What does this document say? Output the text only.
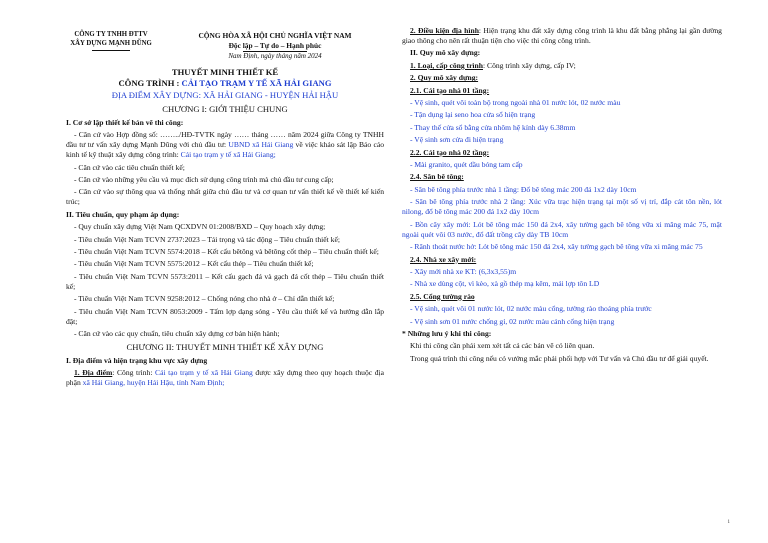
CÔNG TY TNHH ĐTTV
XÂY DỰNG MẠNH DŨNG
CỘNG HÒA XÃ HỘI CHỦ NGHĨA VIỆT NAM
Độc lập – Tự do – Hạnh phúc
Nam Định, ngày tháng năm 2024
THUYẾT MINH THIẾT KẾ
CÔNG TRÌNH : CẢI TẠO TRẠM Y TẾ XÃ HẢI GIANG
ĐỊA ĐIỂM XÂY DỰNG: XÃ HẢI GIANG - HUYỆN HẢI HẬU
CHƯƠNG I: GIỚI THIỆU CHUNG
I. Cơ sở lập thiết kế bản vẽ thi công:
- Căn cứ vào Hợp đồng số: ……../HĐ-TVTK ngày …… tháng …… năm 2024 giữa Công ty TNHH đầu tư tư vấn xây dựng Mạnh Dũng với chủ đầu tư: UBND xã Hải Giang về việc khảo sát lập Báo cáo kinh tế kỹ thuật xây dựng công trình: Cải tạo trạm y tế xã Hải Giang;
- Căn cứ vào các tiêu chuẩn thiết kế;
- Căn cứ vào những yêu cầu và mục đích sử dụng công trình mà chủ đầu tư cung cấp;
- Căn cứ vào sự thông qua và thống nhất giữa chủ đầu tư và cơ quan tư vấn thiết kế về thiết kế kiến trúc;
II. Tiêu chuẩn, quy phạm áp dụng:
- Quy chuẩn xây dựng Việt Nam QCXDVN 01:2008/BXD – Quy hoạch xây dựng;
- Tiêu chuẩn Việt Nam TCVN 2737:2023 – Tải trọng và tác động – Tiêu chuẩn thiết kế;
- Tiêu chuẩn Việt Nam TCVN 5574:2018 – Kết cấu bêtông và bêtông cốt thép – Tiêu chuẩn thiết kế;
- Tiêu chuẩn Việt Nam TCVN 5575:2012 – Kết cấu thép – Tiêu chuẩn thiết kế;
- Tiêu chuẩn Việt Nam TCVN 5573:2011 – Kết cấu gạch đá và gạch đá cốt thép – Tiêu chuẩn thiết kế;
- Tiêu chuẩn Việt Nam TCVN 9258:2012 – Chống nóng cho nhà ở – Chỉ dẫn thiết kế;
- Tiêu chuẩn Việt Nam TCVN 8053:2009 - Tấm lợp dạng sóng - Yêu cầu thiết kế và hướng dẫn lắp đặt;
- Căn cứ vào các quy chuẩn, tiêu chuẩn xây dựng cơ bản hiện hành;
CHƯƠNG II: THUYẾT MINH THIẾT KẾ XÂY DỰNG
I. Địa điểm và hiện trạng khu vực xây dựng
1. Địa điểm: Công trình: Cải tạo trạm y tế xã Hải Giang được xây dựng theo quy hoạch thuộc địa phận xã Hải Giang, huyện Hải Hậu, tỉnh Nam Định;
2. Điều kiện địa hình: Hiện trạng khu đất xây dựng công trình là khu đất bằng phẳng lại gần đường giao thông cho nên rất thuận tiện cho việc thi công công trình.
II. Quy mô xây dựng:
1. Loại, cấp công trình: Công trình xây dựng, cấp IV;
2. Quy mô xây dựng:
2.1. Cải tạo nhà 01 tầng:
- Vệ sinh, quét vôi toàn bộ trong ngoài nhà 01 nước lót, 02 nước màu
- Tận dụng lại seno hoa cửa sổ hiện trạng
- Thay thế cửa sổ bằng cửa nhôm hệ kính dày 6.38mm
- Vệ sinh sơn cửa đi hiện trạng
2.2. Cải tạo nhà 02 tầng:
- Mài granito, quét dầu bóng tam cấp
2.4. Sân bê tông:
- Sân bê tông phía trước nhà 1 tầng: Đổ bê tông mác 200 đá 1x2 dày 10cm
- Sân bê tông phía trước nhà 2 tầng: Xúc vữa trạc hiện trạng tại một số vị trí, đắp cát tôn nền, lót nilong, đổ bê tông mác 200 đá 1x2 dày 10cm
- Bồn cây xây mới: Lót bê tông mác 150 đá 2x4, xây tường gạch bê tông vữa xi măng mác 75, mặt ngoài quét vôi 03 nước, đổ đất trồng cây dày TB 10cm
- Rãnh thoát nước hở: Lót bê tông mác 150 đá 2x4, xây tường gạch bê tông vữa xi măng mác 75
2.4. Nhà xe xây mới:
- Xây mới nhà xe KT: (6,3x3,55)m
- Nhà xe dùng cột, vì kèo, xà gồ thép mạ kẽm, mái lợp tôn LD
2.5. Cổng tường rào
- Vệ sinh, quét vôi 01 nước lót, 02 nước màu cổng, tường rào thoáng phía trước
- Vệ sinh sơn 01 nước chống gỉ, 02 nước màu cánh cổng hiện trạng
* Những lưu ý khi thi công:
Khi thi công cần phải xem xét tất cả các bản vẽ có liên quan.
Trong quá trình thi công nếu có vướng mắc phải phối hợp với Tư vấn và Chủ đầu tư để giải quyết.
1
